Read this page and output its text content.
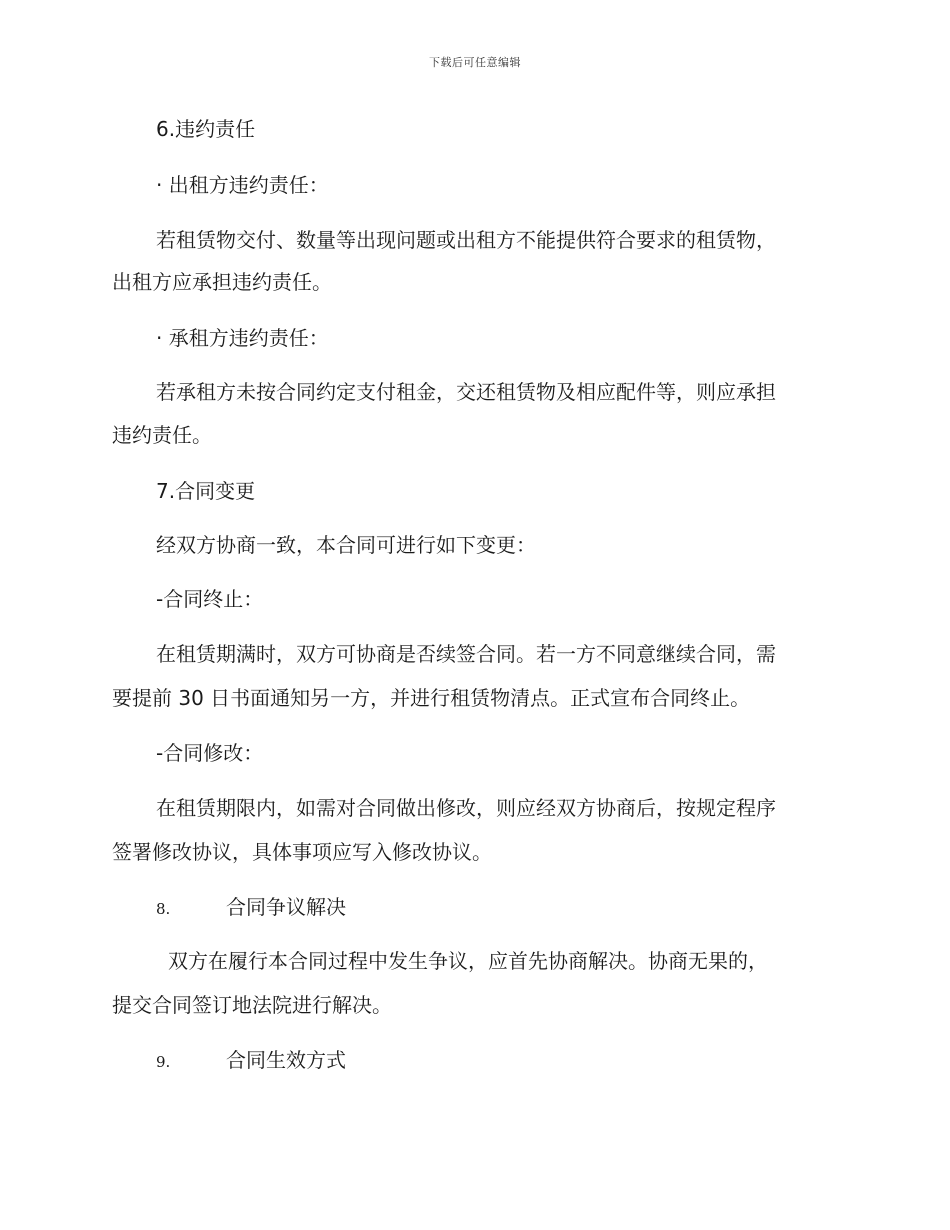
下载后可任意编辑
6.违约责任
· 出租方违约责任：
若租赁物交付、数量等出现问题或出租方不能提供符合要求的租赁物，
出租方应承担违约责任。
· 承租方违约责任：
若承租方未按合同约定支付租金，交还租赁物及相应配件等，则应承担
违约责任。
7.合同变更
经双方协商一致，本合同可进行如下变更：
-合同终止：
在租赁期满时，双方可协商是否续签合同。若一方不同意继续合同，需
要提前 30 日书面通知另一方，并进行租赁物清点。正式宣布合同终止。
-合同修改：
在租赁期限内，如需对合同做出修改，则应经双方协商后，按规定程序
签署修改协议，具体事项应写入修改协议。
8.	合同争议解决
双方在履行本合同过程中发生争议，应首先协商解决。协商无果的，
提交合同签订地法院进行解决。
9.	合同生效方式
